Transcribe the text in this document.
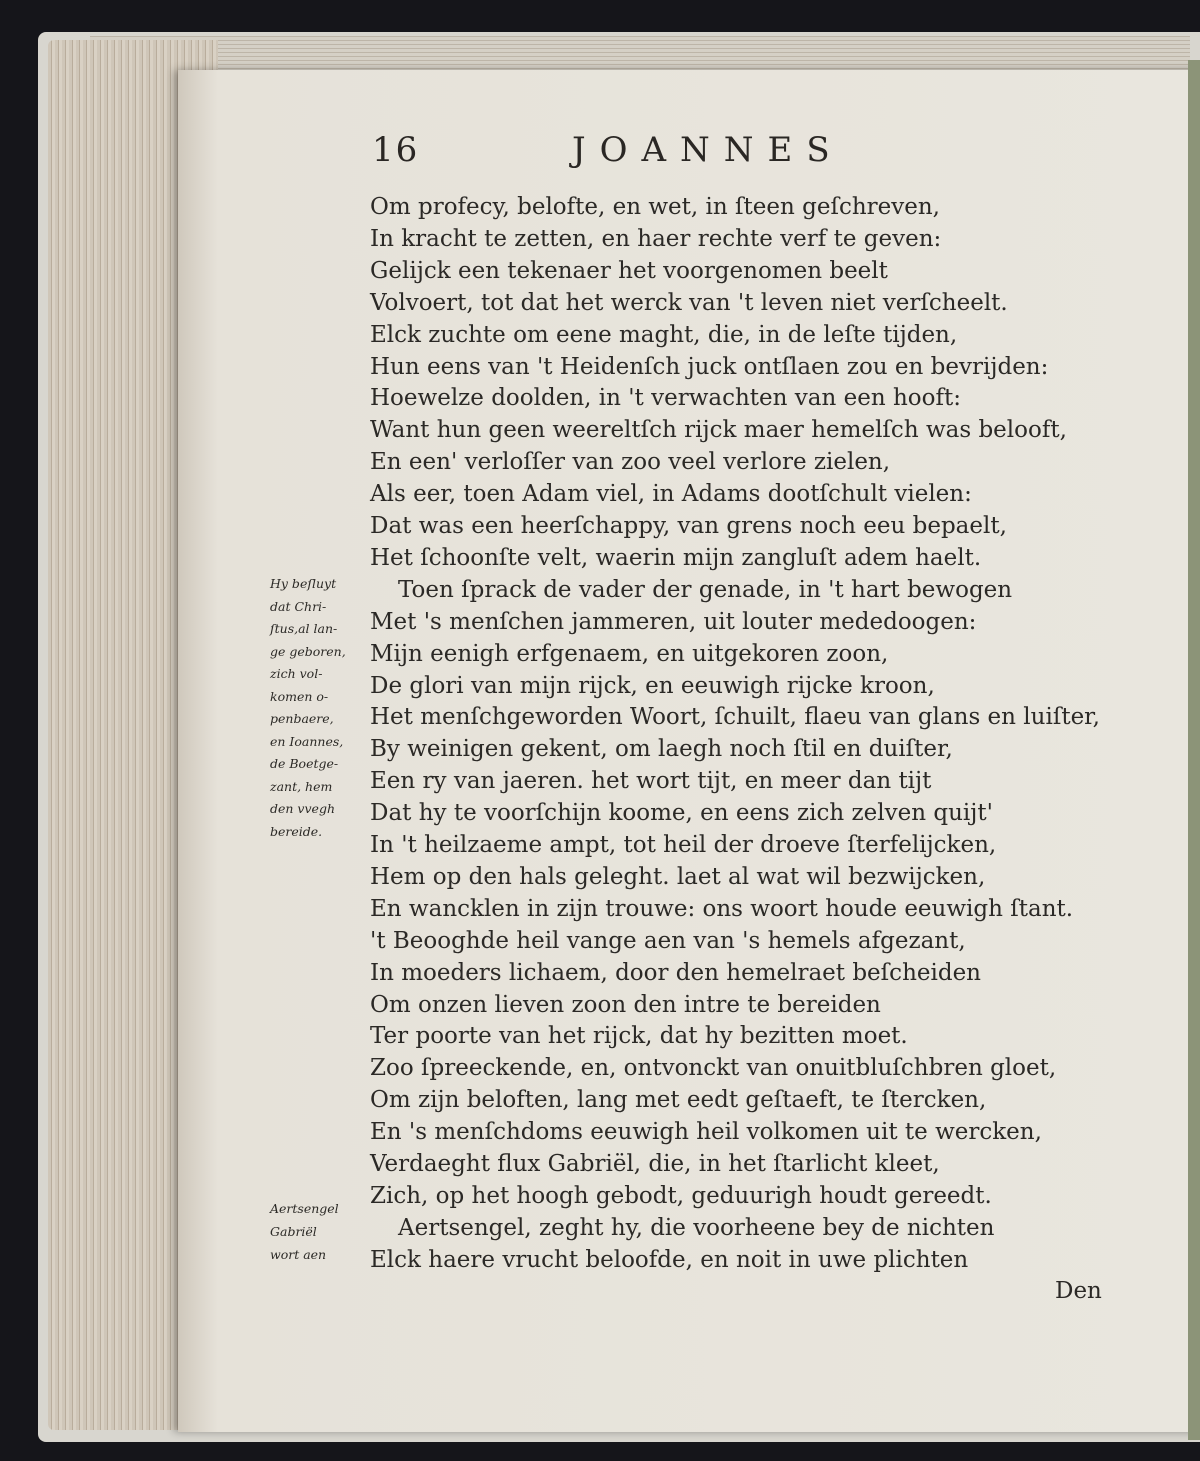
16	JOANNES
Om profecy, belofte, en wet, in ſteen geſchreven,
In kracht te zetten, en haer rechte verf te geven:
Gelijck een tekenaer het voorgenomen beelt
Volvoert, tot dat het werck van 't leven niet verſcheelt.
Elck zuchte om eene maght, die, in de leſte tijden,
Hun eens van 't Heidenſch juck ontſlaen zou en bevrijden:
Hoewelze doolden, in 't verwachten van een hooft:
Want hun geen weereltſch rijck maer hemelſch was belooft,
En een' verloſſer van zoo veel verlore zielen,
Als eer, toen Adam viel, in Adams dootſchult vielen:
Dat was een heerſchappy, van grens noch eeu bepaelt,
Het ſchoonſte velt, waerin mijn zangluſt adem haelt.
Toen ſprack de vader der genade, in 't hart bewogen
Met 's menſchen jammeren, uit louter mededoogen:
Mijn eenigh erfgenaem, en uitgekoren zoon,
De glori van mijn rijck, en eeuwigh rijcke kroon,
Het menſchgeworden Woort, ſchuilt, flaeu van glans en luiſter,
By weinigen gekent, om laegh noch ſtil en duiſter,
Een ry van jaeren. het wort tijt, en meer dan tijt
Dat hy te voorſchijn koome, en eens zich zelven quijt'
In 't heilzaeme ampt, tot heil der droeve ſterfelijcken,
Hem op den hals geleght. laet al wat wil bezwijcken,
En wancklen in zijn trouwe: ons woort houde eeuwigh ſtant.
't Beooghde heil vange aen van 's hemels afgezant,
In moeders lichaem, door den hemelraet beſcheiden
Om onzen lieven zoon den intre te bereiden
Ter poorte van het rijck, dat hy bezitten moet.
Zoo ſpreeckende, en, ontvonckt van onuitbluſchbren gloet,
Om zijn beloften, lang met eedt geſtaeft, te ſtercken,
En 's menſchdoms eeuwigh heil volkomen uit te wercken,
Verdaeght flux Gabriël, die, in het ſtarlicht kleet,
Zich, op het hoogh gebodt, geduurigh houdt gereedt.
Aertsengel, zeght hy, die voorheene bey de nichten
Elck haere vrucht beloofde, en noit in uwe plichten
Hy beſluyt
dat Chri-
ſtus,al lan-
ge geboren,
zich vol-
komen o-
penbaere,
en Ioannes,
de Boetge-
zant, hem
den vvegh
bereide.
Aertsengel
Gabriël
wort aen
Den
